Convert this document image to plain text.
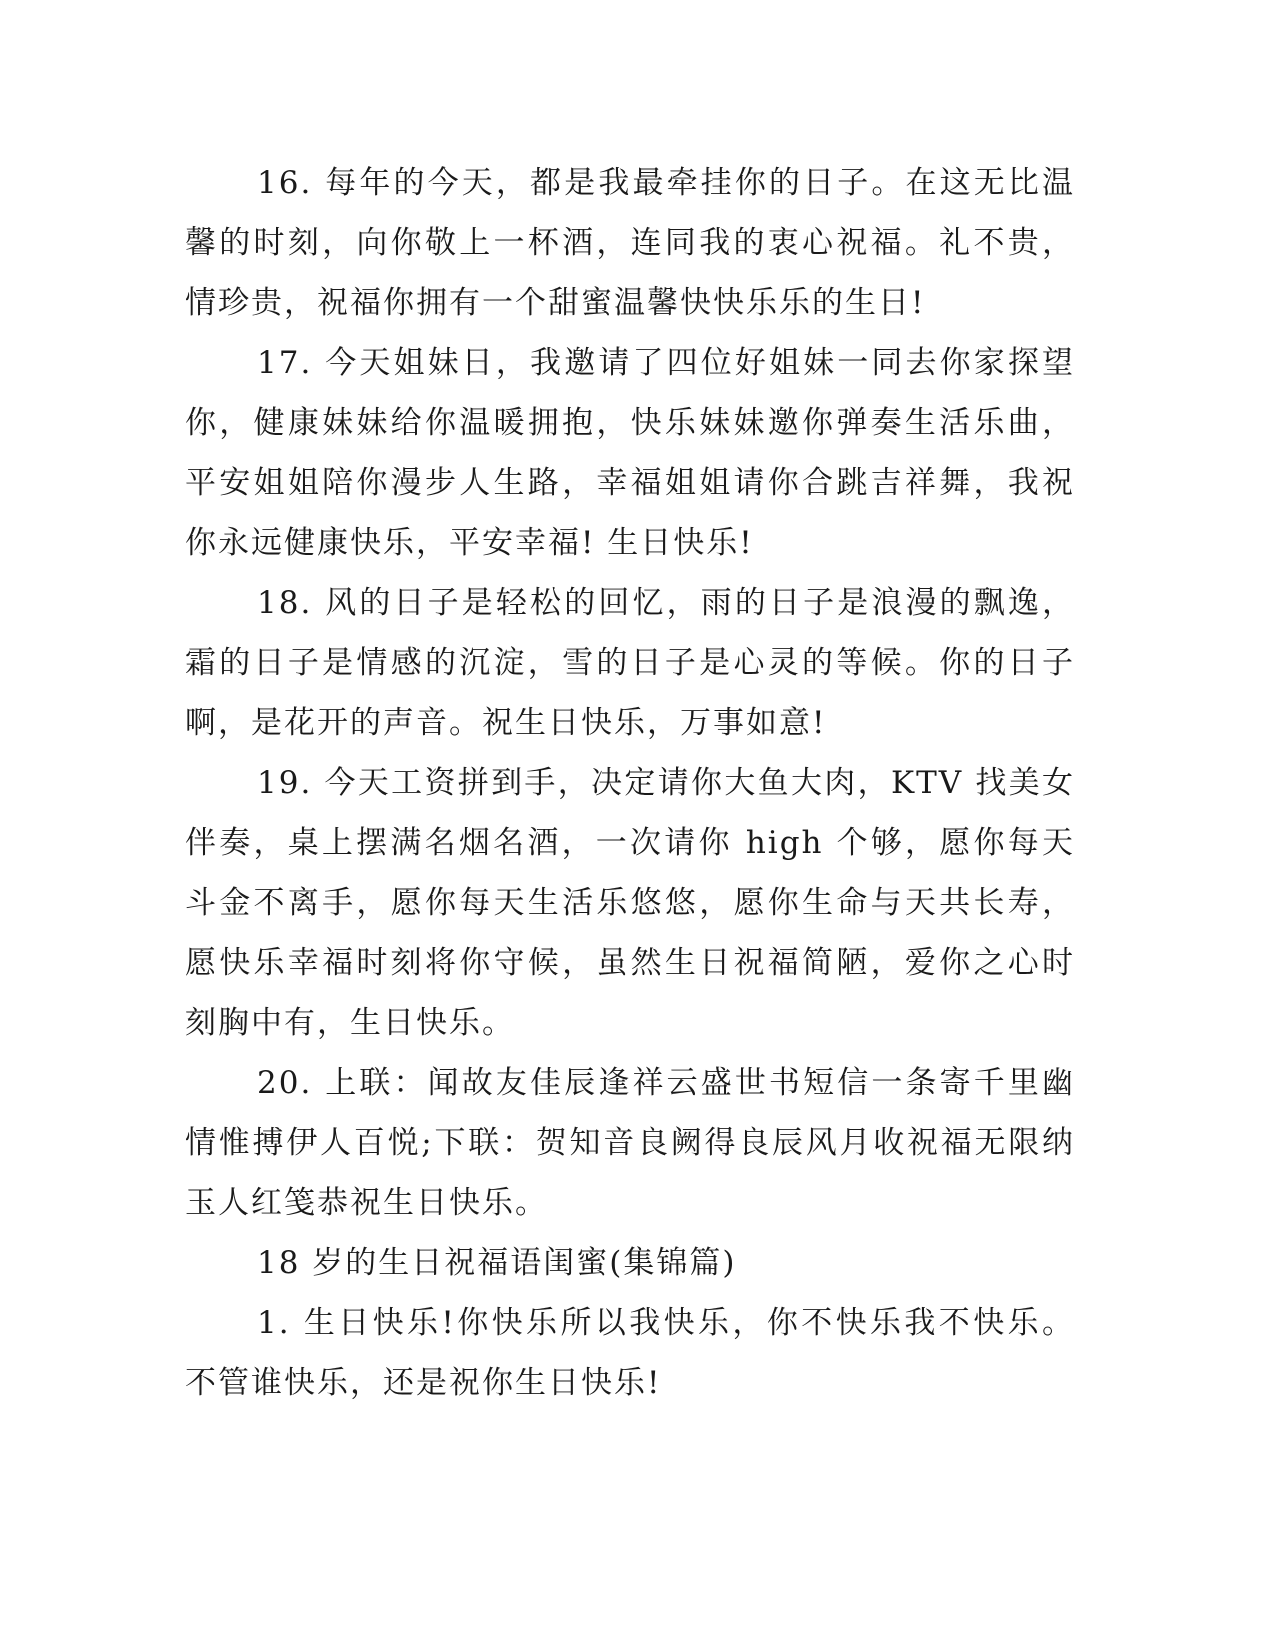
16. 每年的今天，都是我最牵挂你的日子。在这无比温馨的时刻，向你敬上一杯酒，连同我的衷心祝福。礼不贵，情珍贵，祝福你拥有一个甜蜜温馨快快乐乐的生日!

17. 今天姐妹日，我邀请了四位好姐妹一同去你家探望你，健康妹妹给你温暖拥抱，快乐妹妹邀你弹奏生活乐曲，平安姐姐陪你漫步人生路，幸福姐姐请你合跳吉祥舞，我祝你永远健康快乐，平安幸福! 生日快乐!

18. 风的日子是轻松的回忆，雨的日子是浪漫的飘逸，霜的日子是情感的沉淀，雪的日子是心灵的等候。你的日子啊，是花开的声音。祝生日快乐，万事如意!

19. 今天工资拼到手，决定请你大鱼大肉，KTV 找美女伴奏，桌上摆满名烟名酒，一次请你 high 个够，愿你每天斗金不离手，愿你每天生活乐悠悠，愿你生命与天共长寿，愿快乐幸福时刻将你守候，虽然生日祝福简陋，爱你之心时刻胸中有，生日快乐。

20. 上联：闻故友佳辰逢祥云盛世书短信一条寄千里幽情惟搏伊人百悦;下联：贺知音良阙得良辰风月收祝福无限纳玉人红笺恭祝生日快乐。

18 岁的生日祝福语闺蜜(集锦篇)

1. 生日快乐!你快乐所以我快乐，你不快乐我不快乐。不管谁快乐，还是祝你生日快乐!
